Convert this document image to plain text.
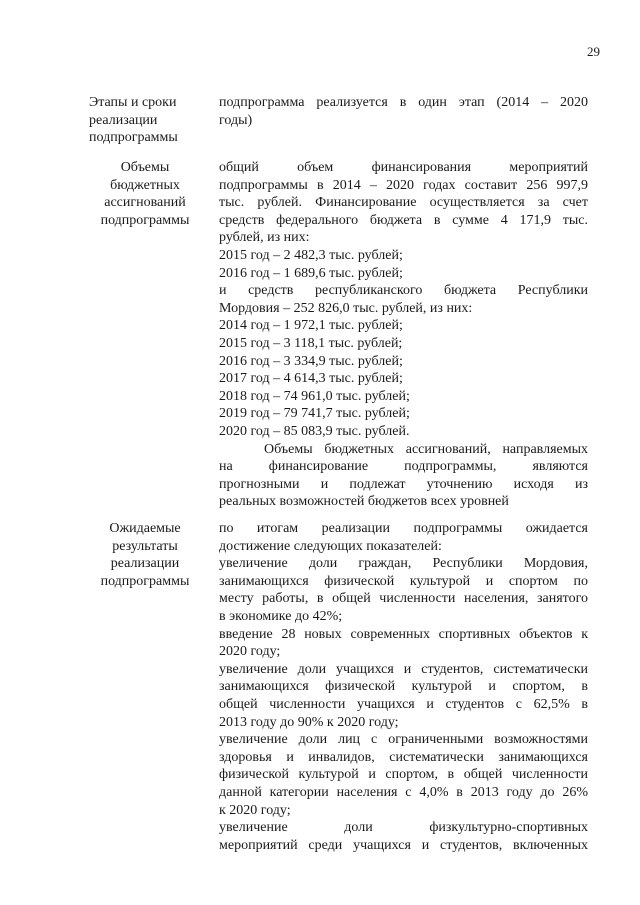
29
Этапы и сроки
реализации
подпрограммы
подпрограмма реализуется в один этап (2014 – 2020
годы)
Объемы
бюджетных
ассигнований
подпрограммы
общий объем финансирования мероприятий
подпрограммы в 2014 – 2020 годах составит 256 997,9
тыс. рублей. Финансирование осуществляется за счет
средств федерального бюджета в сумме 4 171,9 тыс.
рублей, из них:
2015 год – 2 482,3 тыс. рублей;
2016 год – 1 689,6 тыс. рублей;
и средств республиканского бюджета Республики
Мордовия – 252 826,0 тыс. рублей, из них:
2014 год – 1 972,1 тыс. рублей;
2015 год – 3 118,1 тыс. рублей;
2016 год – 3 334,9 тыс. рублей;
2017 год – 4 614,3 тыс. рублей;
2018 год – 74 961,0 тыс. рублей;
2019 год – 79 741,7 тыс. рублей;
2020 год – 85 083,9 тыс. рублей.
Объемы бюджетных ассигнований, направляемых
на финансирование подпрограммы, являются
прогнозными и подлежат уточнению исходя из
реальных возможностей бюджетов всех уровней
Ожидаемые
результаты
реализации
подпрограммы
по итогам реализации подпрограммы ожидается
достижение следующих показателей:
увеличение доли граждан, Республики Мордовия,
занимающихся физической культурой и спортом по
месту работы, в общей численности населения, занятого
в экономике до 42%;
введение 28 новых современных спортивных объектов к
2020 году;
увеличение доли учащихся и студентов, систематически
занимающихся физической культурой и спортом, в
общей численности учащихся и студентов с 62,5% в
2013 году до 90% к 2020 году;
увеличение доли лиц с ограниченными возможностями
здоровья и инвалидов, систематически занимающихся
физической культурой и спортом, в общей численности
данной категории населения с 4,0% в 2013 году до 26%
к 2020 году;
увеличение доли физкультурно-спортивных
мероприятий среди учащихся и студентов, включенных
